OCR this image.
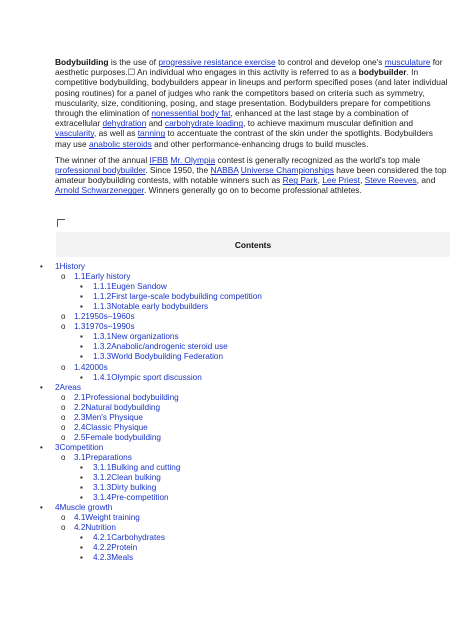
Bodybuilding is the use of progressive resistance exercise to control and develop one's musculature for aesthetic purposes.☐ An individual who engages in this activity is referred to as a bodybuilder. In competitive bodybuilding, bodybuilders appear in lineups and perform specified poses (and later individual posing routines) for a panel of judges who rank the competitors based on criteria such as symmetry, muscularity, size, conditioning, posing, and stage presentation. Bodybuilders prepare for competitions through the elimination of nonessential body fat, enhanced at the last stage by a combination of extracellular dehydration and carbohydrate loading, to achieve maximum muscular definition and vascularity, as well as tanning to accentuate the contrast of the skin under the spotlights. Bodybuilders may use anabolic steroids and other performance-enhancing drugs to build muscles.

The winner of the annual IFBB Mr. Olympia contest is generally recognized as the world's top male professional bodybuilder. Since 1950, the NABBA Universe Championships have been considered the top amateur bodybuilding contests, with notable winners such as Reg Park, Lee Priest, Steve Reeves, and Arnold Schwarzenegger. Winners generally go on to become professional athletes.

Contents
• 1History
o 1.1Early history
▪ 1.1.1Eugen Sandow
▪ 1.1.2First large-scale bodybuilding competition
▪ 1.1.3Notable early bodybuilders
o 1.21950s–1960s
o 1.31970s–1990s
▪ 1.3.1New organizations
▪ 1.3.2Anabolic/androgenic steroid use
▪ 1.3.3World Bodybuilding Federation
o 1.42000s
▪ 1.4.1Olympic sport discussion
• 2Areas
o 2.1Professional bodybuilding
o 2.2Natural bodybuilding
o 2.3Men's Physique
o 2.4Classic Physique
o 2.5Female bodybuilding
• 3Competition
o 3.1Preparations
▪ 3.1.1Bulking and cutting
▪ 3.1.2Clean bulking
▪ 3.1.3Dirty bulking
▪ 3.1.4Pre-competition
• 4Muscle growth
o 4.1Weight training
o 4.2Nutrition
▪ 4.2.1Carbohydrates
▪ 4.2.2Protein
▪ 4.2.3Meals
